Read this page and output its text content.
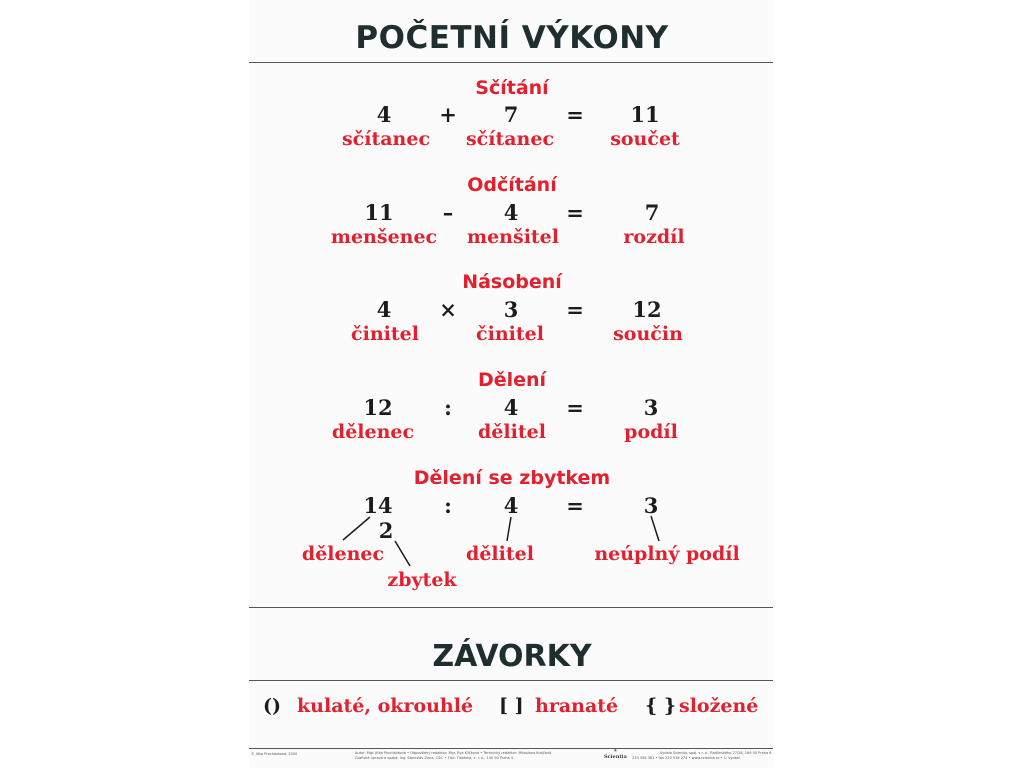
POČETNÍ VÝKONY
Sčítání
4	+	7	=	11
sčítanec	sčítanec	součet
Odčítání
11	–	4	=	7
menšenec	menšitel	rozdíl
Násobení
4	×	3	=	12
činitel	činitel	součin
Dělení
12	:	4	=	3
dělenec	dělitel	podíl
Dělení se zbytkem
14	:	4	=	3
2
dělenec	dělitel	neúplný podíl
zbytek
ZÁVORKY
() kulaté, okrouhlé [ ] hranaté { } složené
© Jitka Procházková, 2000	Autor: Mgr. Jitka Procházková • Odpovědný redaktor: Mgr. Eva Klíčková • Technický redaktor: Miroslava Krejčová
Grafická úprava a sazba: Ing. Stanislav Zima, CSc. • Tisk: Tiskárna, s. r. o., 140 00 Praha 4
☀
Scientia
Vydala Scientia, spol. s r. o., Radlinského 27/26, 169 00 Praha 6
233 356 361 • fax 220 518 274 • www.scientia.cz • 1. vydání
